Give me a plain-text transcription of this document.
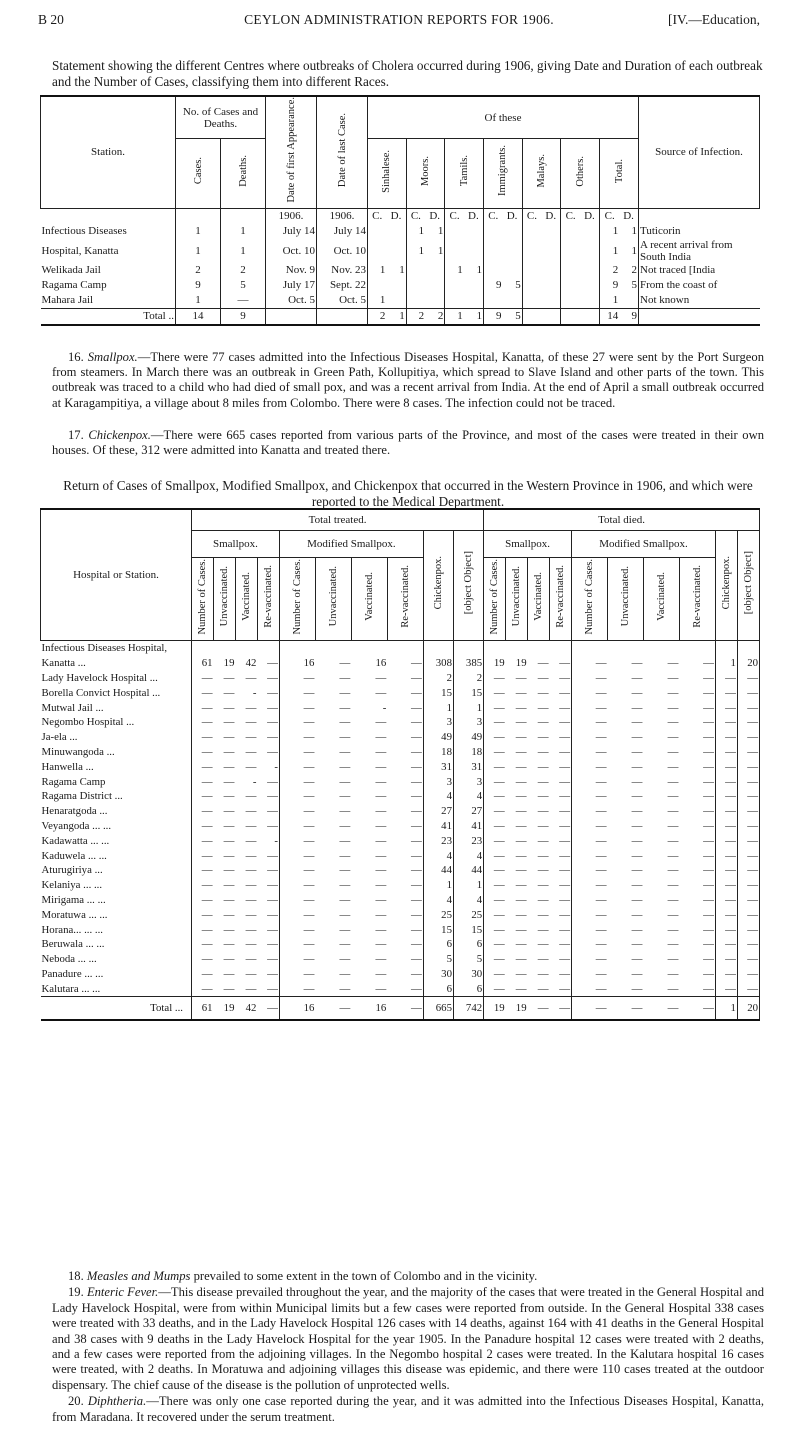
B 20	CEYLON ADMINISTRATION REPORTS FOR 1906.	[IV.—Education,
Statement showing the different Centres where outbreaks of Cholera occurred during 1906, giving Date and Duration of each outbreak and the Number of Cases, classifying them into different Races.
Station.	No. of Cases and Deaths.		Date of first Appearance.	Date of last Case.	Of these														Source of Infection.
	Cases.	Deaths.			Sinhalese.		Moors.		Tamils.		Immigrants.		Malays.		Others.		Total.		
			1906.	1906.	C.	D.	C.	D.	C.	D.	C.	D.	C.	D.	C.	D.	C.	D.	
Infectious Diseases	1	1	July 14	July 14			1	1									1	1	Tuticorin
Hospital, Kanatta	1	1	Oct. 10	Oct. 10			1	1									1	1	A recent arrival from South India
Welikada Jail	2	2	Nov. 9	Nov. 23	1	1			1	1							2	2	Not traced [India
Ragama Camp	9	5	July 17	Sept. 22							9	5					9	5	From the coast of
Mahara Jail	1	—	Oct. 5	Oct. 5	1												1		Not known
Total ..	14	9			2	1	2	2	1	1	9	5					14	9	
16. Smallpox.—There were 77 cases admitted into the Infectious Diseases Hospital, Kanatta, of these 27 were sent by the Port Surgeon from steamers. In March there was an outbreak in Green Path, Kollupitiya, which spread to Slave Island and other parts of the town. This outbreak was traced to a child who had died of small pox, and was a recent arrival from India. At the end of April a small outbreak occurred at Karagampitiya, a village about 8 miles from Colombo. There were 8 cases. The infection could not be traced.
17. Chickenpox.—There were 665 cases reported from various parts of the Province, and most of the cases were treated in their own houses. Of these, 312 were admitted into Kanatta and treated there.
Return of Cases of Smallpox, Modified Smallpox, and Chickenpox that occurred in the Western Province in 1906, and which were reported to the Medical Department.
Hospital or Station.	Total treated.										Total died.									
	Smallpox.				Modified Smallpox.				Chickenpox.	[object Object]	Smallpox.				Modified Smallpox.				Chickenpox.	[object Object]
	Number of Cases.	Unvaccinated.	Vaccinated.	Re-vaccinated.	Number of Cases.	Unvaccinated.	Vaccinated.	Re-vaccinated.			Number of Cases.	Unvaccinated.	Vaccinated.	Re-vaccinated.	Number of Cases.	Unvaccinated.	Vaccinated.	Re-vaccinated.		
Infectious Diseases Hospital,																				
Kanatta ...	61	19	42	—	16	—	16	—	308	385	19	19	—	—	—	—	—	—	1	20
Lady Havelock Hospital ...	—	—	—	—	—	—	—	—	2	2	—	—	—	—	—	—	—	—	—	—
Borella Convict Hospital ...	—	—	-	—	—	—	—	—	15	15	—	—	—	—	—	—	—	—	—	—
Mutwal Jail ...	—	—	—	—	—	—	-	—	1	1	—	—	—	—	—	—	—	—	—	—
Negombo Hospital ...	—	—	—	—	—	—	—	—	3	3	—	—	—	—	—	—	—	—	—	—
Ja-ela ...	—	—	—	—	—	—	—	—	49	49	—	—	—	—	—	—	—	—	—	—
Minuwangoda ...	—	—	—	—	—	—	—	—	18	18	—	—	—	—	—	—	—	—	—	—
Hanwella ...	—	—	—	-	—	—	—	—	31	31	—	—	—	—	—	—	—	—	—	—
Ragama Camp	—	—	-	—	—	—	—	—	3	3	—	—	—	—	—	—	—	—	—	—
Ragama District ...	—	—	—	—	—	—	—	—	4	4	—	—	—	—	—	—	—	—	—	—
Henaratgoda ...	—	—	—	—	—	—	—	—	27	27	—	—	—	—	—	—	—	—	—	—
Veyangoda ... ...	—	—	—	—	—	—	—	—	41	41	—	—	—	—	—	—	—	—	—	—
Kadawatta ... ...	—	—	—	-	—	—	—	—	23	23	—	—	—	—	—	—	—	—	—	—
Kaduwela ... ...	—	—	—	—	—	—	—	—	4	4	—	—	—	—	—	—	—	—	—	—
Aturugiriya ...	—	—	—	—	—	—	—	—	44	44	—	—	—	—	—	—	—	—	—	—
Kelaniya ... ...	—	—	—	—	—	—	—	—	1	1	—	—	—	—	—	—	—	—	—	—
Mirigama ... ...	—	—	—	—	—	—	—	—	4	4	—	—	—	—	—	—	—	—	—	—
Moratuwa ... ...	—	—	—	—	—	—	—	—	25	25	—	—	—	—	—	—	—	—	—	—
Horana... ... ...	—	—	—	—	—	—	—	—	15	15	—	—	—	—	—	—	—	—	—	—
Beruwala ... ...	—	—	—	—	—	—	—	—	6	6	—	—	—	—	—	—	—	—	—	—
Neboda ... ...	—	—	—	—	—	—	—	—	5	5	—	—	—	—	—	—	—	—	—	—
Panadure ... ...	—	—	—	—	—	—	—	—	30	30	—	—	—	—	—	—	—	—	—	—
Kalutara ... ...	—	—	—	—	—	—	—	—	6	6	—	—	—	—	—	—	—	—	—	—
Total ...	61	19	42	—	16	—	16	—	665	742	19	19	—	—	—	—	—	—	1	20

18. Measles and Mumps prevailed to some extent in the town of Colombo and in the vicinity.

19. Enteric Fever.—This disease prevailed throughout the year, and the majority of the cases that were treated in the General Hospital and Lady Havelock Hospital, were from within Municipal limits but a few cases were reported from outside. In the General Hospital 338 cases were treated with 33 deaths, and in the Lady Havelock Hospital 126 cases with 14 deaths, against 164 with 41 deaths in the General Hospital and 38 cases with 9 deaths in the Lady Havelock Hospital for the year 1905. In the Panadure hospital 12 cases were treated with 2 deaths, and a few cases were reported from the adjoining villages. In the Negombo hospital 2 cases were treated. In the Kalutara hospital 16 cases were treated, with 2 deaths. In Moratuwa and adjoining villages this disease was epidemic, and there were 110 cases treated at the outdoor dispensary. The chief cause of the disease is the pollution of unprotected wells.

20. Diphtheria.—There was only one case reported during the year, and it was admitted into the Infectious Diseases Hospital, Kanatta, from Maradana. It recovered under the serum treatment.
